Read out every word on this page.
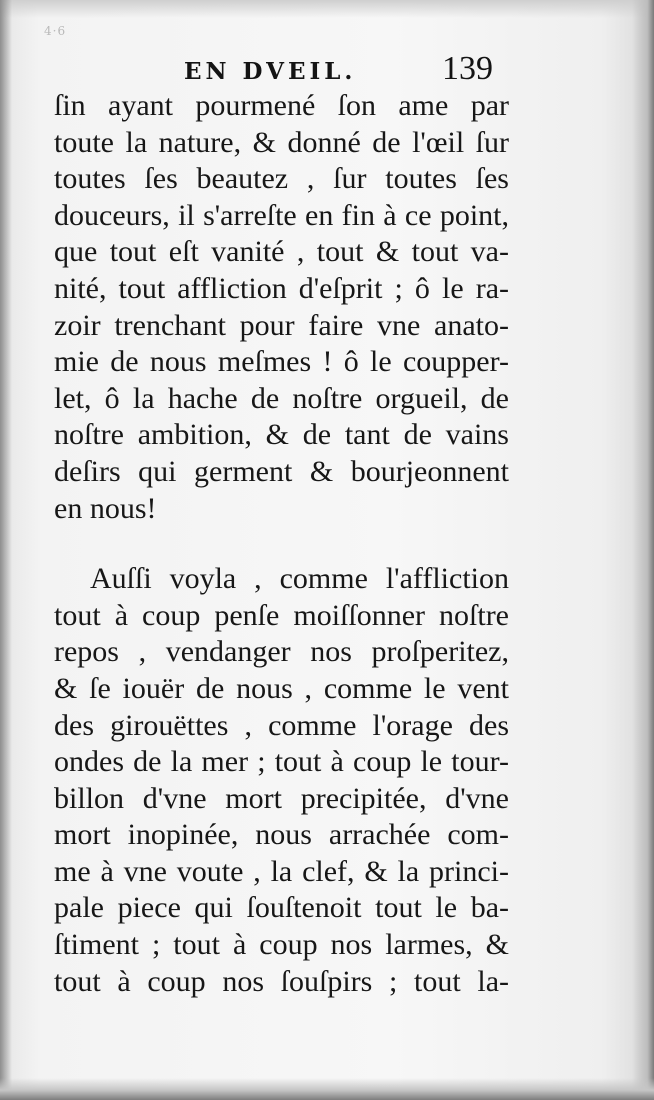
4·6
EN DVEIL.	139
ſin ayant pourmené ſon ame par
toute la nature, & donné de l'œil ſur
toutes ſes beautez , ſur toutes ſes
douceurs, il s'arreſte en fin à ce point,
que tout eſt vanité , tout & tout va-
nité, tout affliction d'eſprit ; ô le ra-
zoir trenchant pour faire vne anato-
mie de nous meſmes ! ô le coupper-
let, ô la hache de noſtre orgueil, de
noſtre ambition, & de tant de vains
deſirs qui germent & bourjeonnent
en nous!
Auſſi voyla , comme l'affliction
tout à coup penſe moiſſonner noſtre
repos , vendanger nos proſperitez,
& ſe iouër de nous , comme le vent
des girouëttes , comme l'orage des
ondes de la mer ; tout à coup le tour-
billon d'vne mort precipitée, d'vne
mort inopinée, nous arrachée com-
me à vne voute , la clef, & la princi-
pale piece qui ſouſtenoit tout le ba-
ſtiment ; tout à coup nos larmes, &
tout à coup nos ſouſpirs ; tout la-
